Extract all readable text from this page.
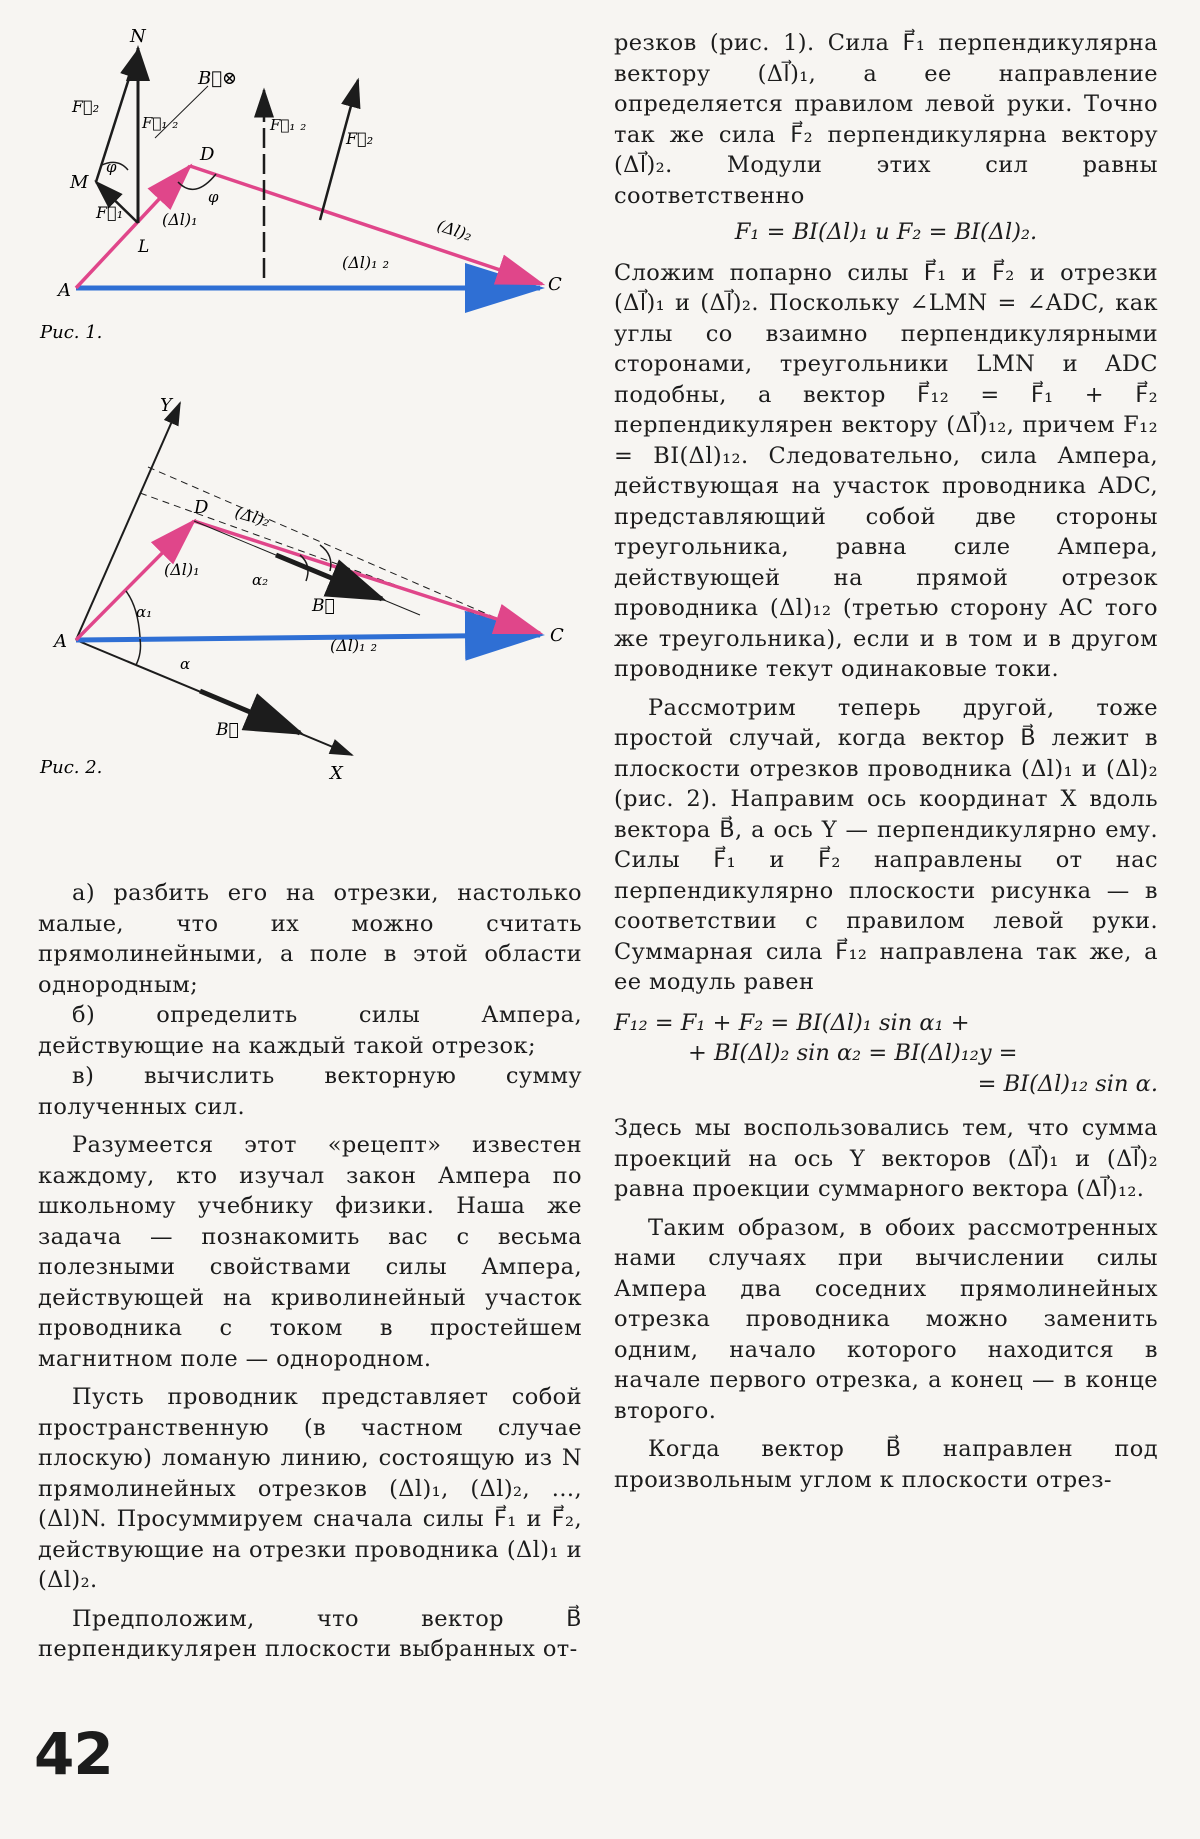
N
B⃗⊗
F⃗₂
F⃗₁ ₂
D
F⃗₁ ₂
F⃗₂
M
φ
φ
F⃗₁
L
(Δl)₁	(Δl)₂
(Δl)₁ ₂
A	C
Рис. 1.
Y
D (Δl)₂
(Δl)₁
α₂
B⃗
α₁
A	C
(Δl)₁ ₂
α
B⃗
X
Рис. 2.

а) разбить его на отрезки, настолько малые, что их можно считать прямолинейными, а поле в этой области однородным;

б) определить силы Ампера, действующие на каждый такой отрезок;

в) вычислить векторную сумму полученных сил.

Разумеется этот «рецепт» известен каждому, кто изучал закон Ампера по школьному учебнику физики. Наша же задача — познакомить вас с весьма полезными свойствами силы Ампера, действующей на криволинейный участок проводника с током в простейшем магнитном поле — однородном.

Пусть проводник представляет собой пространственную (в частном случае плоскую) ломаную линию, состоящую из N прямолинейных отрезков (Δl)₁, (Δl)₂, ..., (Δl)N. Просуммируем сначала силы F⃗₁ и F⃗₂, действующие на отрезки проводника (Δl)₁ и (Δl)₂.

Предположим, что вектор B⃗ перпендикулярен плоскости выбранных от-

резков (рис. 1). Сила F⃗₁ перпендикулярна вектору (Δl⃗)₁, а ее направление определяется правилом левой руки. Точно так же сила F⃗₂ перпендикулярна вектору (Δl⃗)₂. Модули этих сил равны соответственно

F₁ = BI(Δl)₁ и F₂ = BI(Δl)₂.

Сложим попарно силы F⃗₁ и F⃗₂ и отрезки (Δl⃗)₁ и (Δl⃗)₂. Поскольку ∠LMN = ∠ADC, как углы со взаимно перпендикулярными сторонами, треугольники LMN и ADC подобны, а вектор F⃗₁₂ = F⃗₁ + F⃗₂ перпендикулярен вектору (Δl⃗)₁₂, причем F₁₂ = BI(Δl)₁₂. Следовательно, сила Ампера, действующая на участок проводника ADC, представляющий собой две стороны треугольника, равна силе Ампера, действующей на прямой отрезок проводника (Δl)₁₂ (третью сторону AC того же треугольника), если и в том и в другом проводнике текут одинаковые токи.

Рассмотрим теперь другой, тоже простой случай, когда вектор B⃗ лежит в плоскости отрезков проводника (Δl)₁ и (Δl)₂ (рис. 2). Направим ось координат X вдоль вектора B⃗, а ось Y — перпендикулярно ему. Силы F⃗₁ и F⃗₂ направлены от нас перпендикулярно плоскости рисунка — в соответствии с правилом левой руки. Суммарная сила F⃗₁₂ направлена так же, а ее модуль равен

F₁₂ = F₁ + F₂ = BI(Δl)₁ sin α₁ +
+ BI(Δl)₂ sin α₂ = BI(Δl)₁₂y =
= BI(Δl)₁₂ sin α.

Здесь мы воспользовались тем, что сумма проекций на ось Y векторов (Δl⃗)₁ и (Δl⃗)₂ равна проекции суммарного вектора (Δl⃗)₁₂.

Таким образом, в обоих рассмотренных нами случаях при вычислении силы Ампера два соседних прямолинейных отрезка проводника можно заменить одним, начало которого находится в начале первого отрезка, а конец — в конце второго.

Когда вектор B⃗ направлен под произвольным углом к плоскости отрез-

42
